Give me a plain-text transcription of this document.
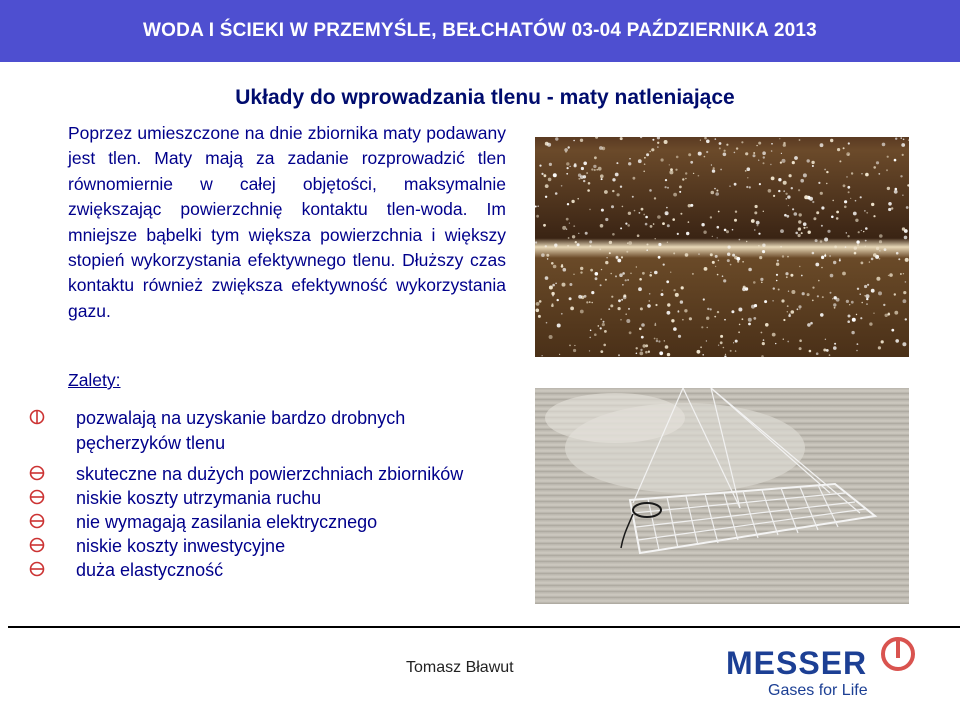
WODA I ŚCIEKI W PRZEMYŚLE, BEŁCHATÓW 03-04 PAŹDZIERNIKA 2013
Układy do wprowadzania tlenu - maty natleniające
Poprzez umieszczone na dnie zbiornika maty podawany jest tlen. Maty mają za zadanie rozprowadzić tlen równomiernie w całej objętości, maksymalnie zwiększając powierzchnię kontaktu tlen-woda. Im mniejsze bąbelki tym większa powierzchnia i większy stopień wykorzystania efektywnego tlenu. Dłuższy czas kontaktu również zwiększa efektywność wykorzystania gazu.
Zalety:
pozwalają na uzyskanie bardzo drobnych
pęcherzyków tlenu
skuteczne na dużych powierzchniach zbiorników
niskie koszty utrzymania ruchu
nie wymagają zasilania elektrycznego
niskie koszty inwestycyjne
duża elastyczność
Tomasz Bławut	MESSER
Gases for Life
